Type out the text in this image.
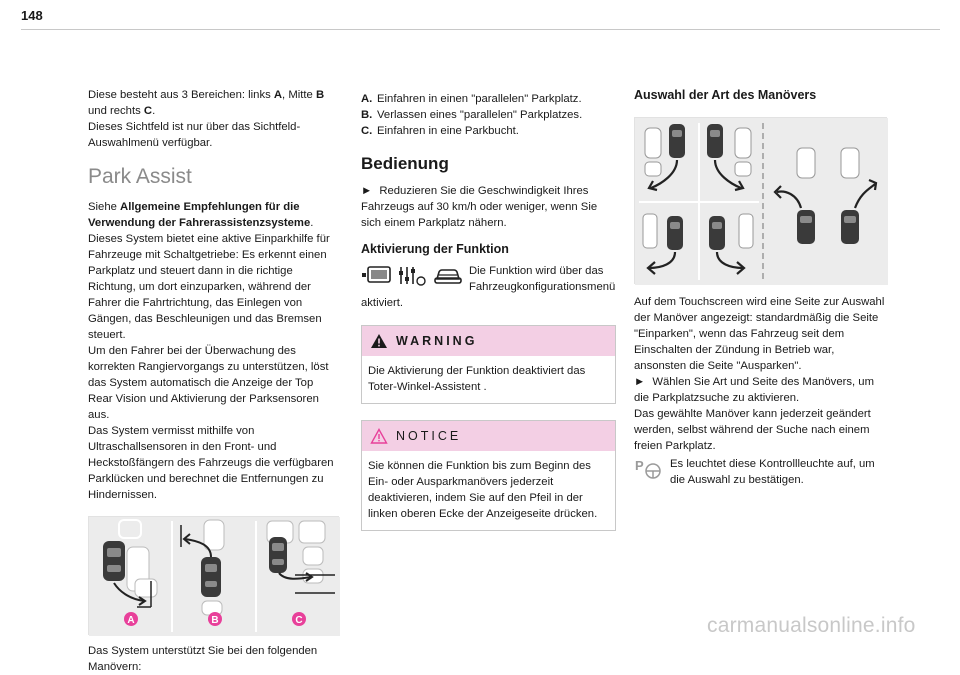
148

Diese besteht aus 3 Bereichen: links A, Mitte B und rechts C.

Dieses Sichtfeld ist nur über das Sichtfeld-Auswahlmenü verfügbar.

Park Assist

Siehe Allgemeine Empfehlungen für die Verwendung der Fahrerassistenzsysteme.

Dieses System bietet eine aktive Einparkhilfe für Fahrzeuge mit Schaltgetriebe: Es erkennt einen Parkplatz und steuert dann in die richtige Richtung, um dort einzuparken, während der Fahrer die Fahrtrichtung, das Einlegen von Gängen, das Beschleunigen und das Bremsen steuert.

Um den Fahrer bei der Überwachung des korrekten Rangiervorgangs zu unterstützen, löst das System automatisch die Anzeige der Top Rear Vision und Aktivierung der Parksensoren aus.

Das System vermisst mithilfe von Ultraschallsensoren in den Front- und Heckstoßfängern des Fahrzeugs die verfügbaren Parklücken und berechnet die Entfernungen zu Hindernissen.

A	B	C

Das System unterstützt Sie bei den folgenden Manövern:

A. Einfahren in einen "parallelen" Parkplatz.
B. Verlassen eines "parallelen" Parkplatzes.
C. Einfahren in eine Parkbucht.
Bedienung

► Reduzieren Sie die Geschwindigkeit Ihres Fahrzeugs auf 30 km/h oder weniger, wenn Sie sich einem Parkplatz nähern.

Aktivierung der Funktion

Die Funktion wird über das Fahrzeugkonfigurationsmenü aktiviert.

WARNING
Die Aktivierung der Funktion deaktiviert das Toter-Winkel-Assistent .
NOTICE
Sie können die Funktion bis zum Beginn des Ein- oder Ausparkmanövers jederzeit deaktivieren, indem Sie auf den Pfeil in der linken oberen Ecke der Anzeigeseite drücken.
Auswahl der Art des Manövers

Auf dem Touchscreen wird eine Seite zur Auswahl der Manöver angezeigt: standardmäßig die Seite "Einparken", wenn das Fahrzeug seit dem Einschalten der Zündung in Betrieb war, ansonsten die Seite "Ausparken".

► Wählen Sie Art und Seite des Manövers, um die Parkplatzsuche zu aktivieren.

Das gewählte Manöver kann jederzeit geändert werden, selbst während der Suche nach einem freien Parkplatz.

P Es leuchtet diese Kontrollleuchte auf, um die Auswahl zu bestätigen.

carmanualsonline.info
